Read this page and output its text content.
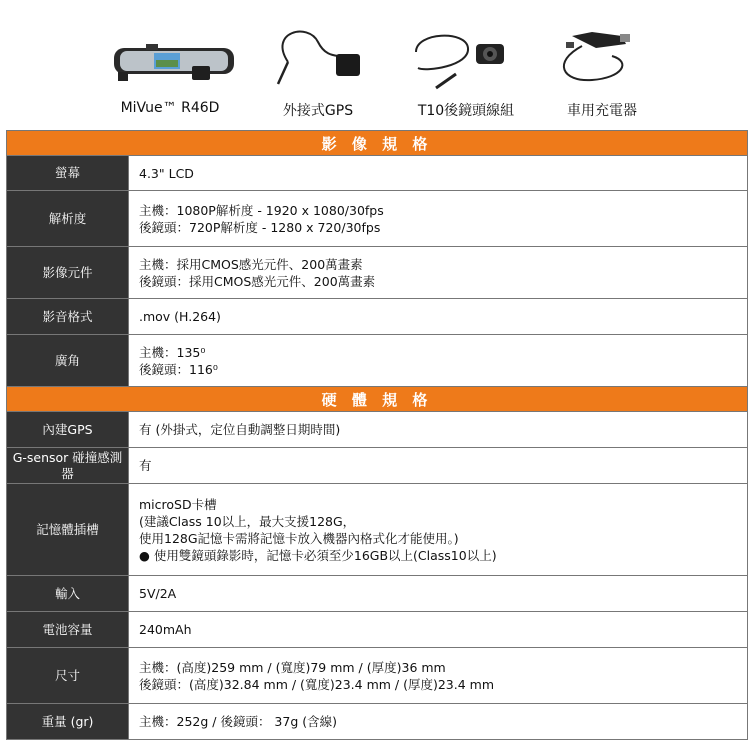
MiVue™ R46D	外接式GPS	T10後鏡頭線組	車用充電器
影 像 規 格	
螢幕	4.3" LCD

解析度	主機：1080P解析度 - 1920 x 1080/30fps
後鏡頭：720P解析度 - 1280 x 720/30fps

影像元件	主機：採用CMOS感光元件、200萬畫素
後鏡頭：採用CMOS感光元件、200萬畫素

影音格式	.mov (H.264)

廣角	主機：135⁰
後鏡頭：116⁰

硬 體 規 格	
內建GPS	有 (外掛式，定位自動調整日期時間)

G-sensor 碰撞感測器	有

記憶體插槽	microSD卡槽
(建議Class 10以上，最大支援128G，
使用128G記憶卡需將記憶卡放入機器內格式化才能使用。)
● 使用雙鏡頭錄影時，記憶卡必須至少16GB以上(Class10以上)

輸入	5V/2A

電池容量	240mAh

尺寸	主機：(高度)259 mm / (寬度)79 mm / (厚度)36 mm
後鏡頭：(高度)32.84 mm / (寬度)23.4 mm / (厚度)23.4 mm

重量 (gr)	主機：252g / 後鏡頭： 37g (含線)
